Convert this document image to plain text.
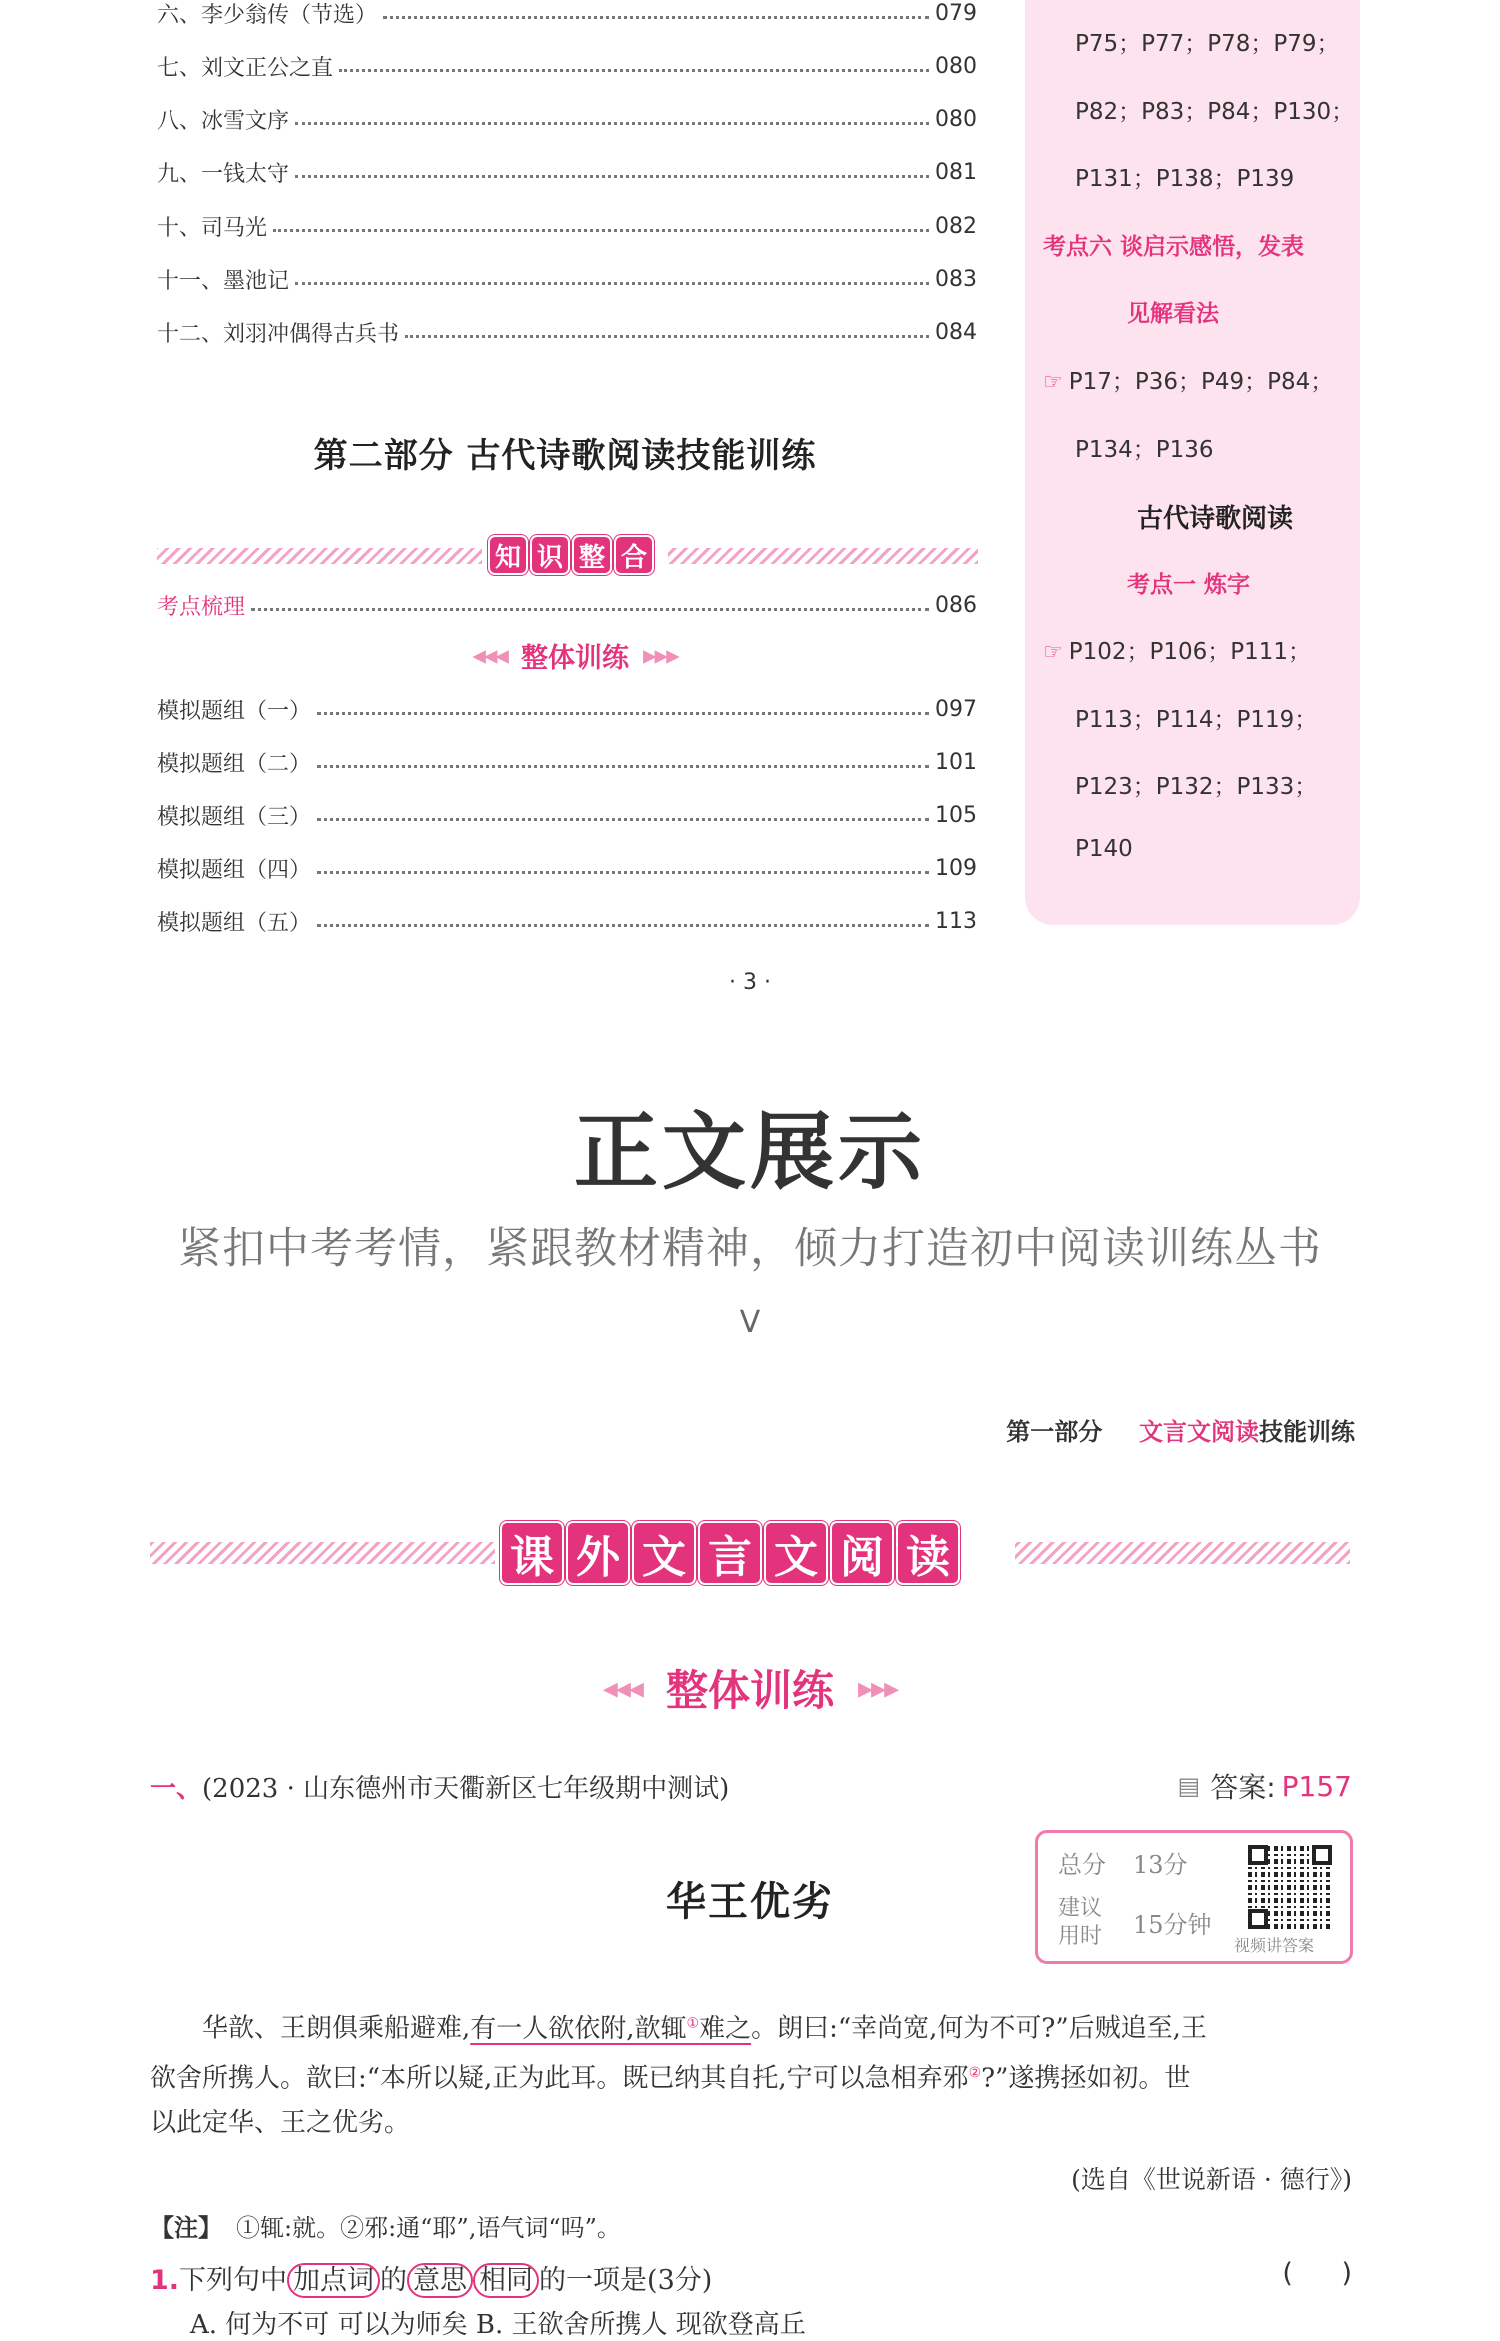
六、李少翁传（节选）	079
七、刘文正公之直	080
八、冰雪文序	080
九、一钱太守	081
十、司马光	082
十一、墨池记	083
十二、刘羽冲偶得古兵书	084
第二部分 古代诗歌阅读技能训练
知 识 整 合
考点梳理	086
◂◂◂ 整体训练 ▸▸▸
模拟题组（一）	097
模拟题组（二）	101
模拟题组（三）	105
模拟题组（四）	109
模拟题组（五）	113
P75；P77；P78；P79；
P82；P83；P84；P130；
P131；P138；P139
考点六 谈启示感悟，发表
见解看法
☞ P17；P36；P49；P84；
P134；P136
古代诗歌阅读
考点一 炼字
☞ P102；P106；P111；
P113；P114；P119；
P123；P132；P133；
P140
· 3 ·
正文展示
紧扣中考考情，紧跟教材精神，倾力打造初中阅读训练丛书
V
第一部分 文言文阅读技能训练
课 外 文 言 文 阅 读
◂◂◂ 整体训练 ▸▸▸
一、(2023 · 山东德州市天衢新区七年级期中测试)	▤ 答案: P157
华王优劣
总分 13分
建议
用时 15分钟
视频讲答案
华歆、王朗俱乘船避难,有一人欲依附,歆辄①难之。朗曰:“幸尚宽,何为不可?”后贼追至,王
欲舍所携人。歆曰:“本所以疑,正为此耳。既已纳其自托,宁可以急相弃邪②?”遂携拯如初。世
以此定华、王之优劣。
(选自《世说新语 · 德行》)
【注】 ①辄:就。②邪:通“耶”,语气词“吗”。
1.下列句中 加点词 的 意思 相同 的一项是(3分)	( )
A. 何为不可 可以为师矣 B. 王欲舍所携人 现欲登高丘
